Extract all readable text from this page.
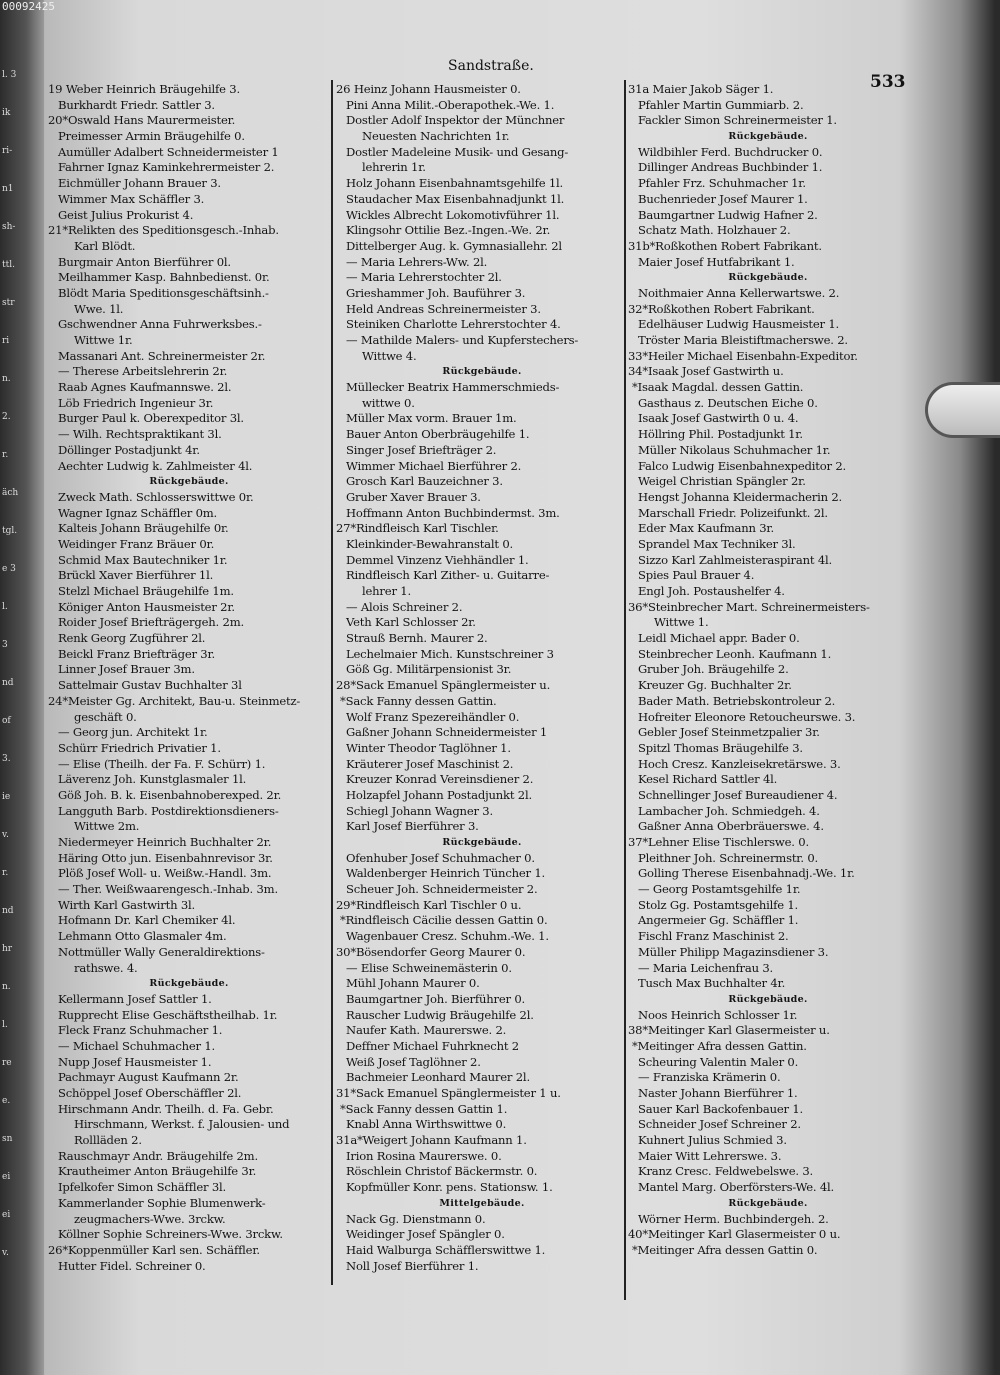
l. 3
ik
ri-
n1
sh-
ttl.
str
ri
n.
2.
r.
äch
tgl.
e 3
l.
3
nd
of
3.
ie
v.
r.
nd
hr
n.
l.
re
e.
sn
ei
ei
v.
00092425
Sandstraße.
533
19 Weber Heinrich Bräugehilfe 3.
Burkhardt Friedr. Sattler 3.
20*Oswald Hans Maurermeister.
Preimesser Armin Bräugehilfe 0.
Aumüller Adalbert Schneidermeister 1
Fahrner Ignaz Kaminkehrermeister 2.
Eichmüller Johann Brauer 3.
Wimmer Max Schäffler 3.
Geist Julius Prokurist 4.
21*Relikten des Speditionsgesch.-Inhab.
Karl Blödt.
Burgmair Anton Bierführer 0l.
Meilhammer Kasp. Bahnbedienst. 0r.
Blödt Maria Speditionsgeschäftsinh.-
Wwe. 1l.
Gschwendner Anna Fuhrwerksbes.-
Wittwe 1r.
Massanari Ant. Schreinermeister 2r.
— Therese Arbeitslehrerin 2r.
Raab Agnes Kaufmannswe. 2l.
Löb Friedrich Ingenieur 3r.
Burger Paul k. Oberexpeditor 3l.
— Wilh. Rechtspraktikant 3l.
Döllinger Postadjunkt 4r.
Aechter Ludwig k. Zahlmeister 4l.
Rückgebäude.
Zweck Math. Schlosserswittwe 0r.
Wagner Ignaz Schäffler 0m.
Kalteis Johann Bräugehilfe 0r.
Weidinger Franz Bräuer 0r.
Schmid Max Bautechniker 1r.
Brückl Xaver Bierführer 1l.
Stelzl Michael Bräugehilfe 1m.
Königer Anton Hausmeister 2r.
Roider Josef Briefträgergeh. 2m.
Renk Georg Zugführer 2l.
Beickl Franz Briefträger 3r.
Linner Josef Brauer 3m.
Sattelmair Gustav Buchhalter 3l
24*Meister Gg. Architekt, Bau-u. Steinmetz-
geschäft 0.
— Georg jun. Architekt 1r.
Schürr Friedrich Privatier 1.
— Elise (Theilh. der Fa. F. Schürr) 1.
Läverenz Joh. Kunstglasmaler 1l.
Göß Joh. B. k. Eisenbahnoberexped. 2r.
Langguth Barb. Postdirektionsdieners-
Wittwe 2m.
Niedermeyer Heinrich Buchhalter 2r.
Häring Otto jun. Eisenbahnrevisor 3r.
Plöß Josef Woll- u. Weißw.-Handl. 3m.
— Ther. Weißwaarengesch.-Inhab. 3m.
Wirth Karl Gastwirth 3l.
Hofmann Dr. Karl Chemiker 4l.
Lehmann Otto Glasmaler 4m.
Nottmüller Wally Generaldirektions-
rathswe. 4.
Rückgebäude.
Kellermann Josef Sattler 1.
Rupprecht Elise Geschäftstheilhab. 1r.
Fleck Franz Schuhmacher 1.
— Michael Schuhmacher 1.
Nupp Josef Hausmeister 1.
Pachmayr August Kaufmann 2r.
Schöppel Josef Oberschäffler 2l.
Hirschmann Andr. Theilh. d. Fa. Gebr.
Hirschmann, Werkst. f. Jalousien- und
Rollläden 2.
Rauschmayr Andr. Bräugehilfe 2m.
Krautheimer Anton Bräugehilfe 3r.
Ipfelkofer Simon Schäffler 3l.
Kammerlander Sophie Blumenwerk-
zeugmachers-Wwe. 3rckw.
Köllner Sophie Schreiners-Wwe. 3rckw.
26*Koppenmüller Karl sen. Schäffler.
Hutter Fidel. Schreiner 0.
26 Heinz Johann Hausmeister 0.
Pini Anna Milit.-Oberapothek.-We. 1.
Dostler Adolf Inspektor der Münchner
Neuesten Nachrichten 1r.
Dostler Madeleine Musik- und Gesang-
lehrerin 1r.
Holz Johann Eisenbahnamtsgehilfe 1l.
Staudacher Max Eisenbahnadjunkt 1l.
Wickles Albrecht Lokomotivführer 1l.
Klingsohr Ottilie Bez.-Ingen.-We. 2r.
Dittelberger Aug. k. Gymnasiallehr. 2l
— Maria Lehrers-Ww. 2l.
— Maria Lehrerstochter 2l.
Grieshammer Joh. Bauführer 3.
Held Andreas Schreinermeister 3.
Steiniken Charlotte Lehrerstochter 4.
— Mathilde Malers- und Kupferstechers-
Wittwe 4.
Rückgebäude.
Müllecker Beatrix Hammerschmieds-
wittwe 0.
Müller Max vorm. Brauer 1m.
Bauer Anton Oberbräugehilfe 1.
Singer Josef Briefträger 2.
Wimmer Michael Bierführer 2.
Grosch Karl Bauzeichner 3.
Gruber Xaver Brauer 3.
Hoffmann Anton Buchbindermst. 3m.
27*Rindfleisch Karl Tischler.
Kleinkinder-Bewahranstalt 0.
Demmel Vinzenz Viehhändler 1.
Rindfleisch Karl Zither- u. Guitarre-
lehrer 1.
— Alois Schreiner 2.
Veth Karl Schlosser 2r.
Strauß Bernh. Maurer 2.
Lechelmaier Mich. Kunstschreiner 3
Göß Gg. Militärpensionist 3r.
28*Sack Emanuel Spänglermeister u.
*Sack Fanny dessen Gattin.
Wolf Franz Spezereihändler 0.
Gaßner Johann Schneidermeister 1
Winter Theodor Taglöhner 1.
Kräuterer Josef Maschinist 2.
Kreuzer Konrad Vereinsdiener 2.
Holzapfel Johann Postadjunkt 2l.
Schiegl Johann Wagner 3.
Karl Josef Bierführer 3.
Rückgebäude.
Ofenhuber Josef Schuhmacher 0.
Waldenberger Heinrich Tüncher 1.
Scheuer Joh. Schneidermeister 2.
29*Rindfleisch Karl Tischler 0 u.
*Rindfleisch Cäcilie dessen Gattin 0.
Wagenbauer Cresz. Schuhm.-We. 1.
30*Bösendorfer Georg Maurer 0.
— Elise Schweinemästerin 0.
Mühl Johann Maurer 0.
Baumgartner Joh. Bierführer 0.
Rauscher Ludwig Bräugehilfe 2l.
Naufer Kath. Maurerswe. 2.
Deffner Michael Fuhrknecht 2
Weiß Josef Taglöhner 2.
Bachmeier Leonhard Maurer 2l.
31*Sack Emanuel Spänglermeister 1 u.
*Sack Fanny dessen Gattin 1.
Knabl Anna Wirthswittwe 0.
31a*Weigert Johann Kaufmann 1.
Irion Rosina Maurerswe. 0.
Röschlein Christof Bäckermstr. 0.
Kopfmüller Konr. pens. Stationsw. 1.
Mittelgebäude.
Nack Gg. Dienstmann 0.
Weidinger Josef Spängler 0.
Haid Walburga Schäfflerswittwe 1.
Noll Josef Bierführer 1.
31a Maier Jakob Säger 1.
Pfahler Martin Gummiarb. 2.
Fackler Simon Schreinermeister 1.
Rückgebäude.
Wildbihler Ferd. Buchdrucker 0.
Dillinger Andreas Buchbinder 1.
Pfahler Frz. Schuhmacher 1r.
Buchenrieder Josef Maurer 1.
Baumgartner Ludwig Hafner 2.
Schatz Math. Holzhauer 2.
31b*Roßkothen Robert Fabrikant.
Maier Josef Hutfabrikant 1.
Rückgebäude.
Noithmaier Anna Kellerwartswe. 2.
32*Roßkothen Robert Fabrikant.
Edelhäuser Ludwig Hausmeister 1.
Tröster Maria Bleistiftmacherswe. 2.
33*Heiler Michael Eisenbahn-Expeditor.
34*Isaak Josef Gastwirth u.
*Isaak Magdal. dessen Gattin.
Gasthaus z. Deutschen Eiche 0.
Isaak Josef Gastwirth 0 u. 4.
Höllring Phil. Postadjunkt 1r.
Müller Nikolaus Schuhmacher 1r.
Falco Ludwig Eisenbahnexpeditor 2.
Weigel Christian Spängler 2r.
Hengst Johanna Kleidermacherin 2.
Marschall Friedr. Polizeifunkt. 2l.
Eder Max Kaufmann 3r.
Sprandel Max Techniker 3l.
Sizzo Karl Zahlmeisteraspirant 4l.
Spies Paul Brauer 4.
Engl Joh. Postaushelfer 4.
36*Steinbrecher Mart. Schreinermeisters-
Wittwe 1.
Leidl Michael appr. Bader 0.
Steinbrecher Leonh. Kaufmann 1.
Gruber Joh. Bräugehilfe 2.
Kreuzer Gg. Buchhalter 2r.
Bader Math. Betriebskontroleur 2.
Hofreiter Eleonore Retoucheurswe. 3.
Gebler Josef Steinmetzpalier 3r.
Spitzl Thomas Bräugehilfe 3.
Hoch Cresz. Kanzleisekretärswe. 3.
Kesel Richard Sattler 4l.
Schnellinger Josef Bureaudiener 4.
Lambacher Joh. Schmiedgeh. 4.
Gaßner Anna Oberbräuerswe. 4.
37*Lehner Elise Tischlerswe. 0.
Pleithner Joh. Schreinermstr. 0.
Golling Therese Eisenbahnadj.-We. 1r.
— Georg Postamtsgehilfe 1r.
Stolz Gg. Postamtsgehilfe 1.
Angermeier Gg. Schäffler 1.
Fischl Franz Maschinist 2.
Müller Philipp Magazinsdiener 3.
— Maria Leichenfrau 3.
Tusch Max Buchhalter 4r.
Rückgebäude.
Noos Heinrich Schlosser 1r.
38*Meitinger Karl Glasermeister u.
*Meitinger Afra dessen Gattin.
Scheuring Valentin Maler 0.
— Franziska Krämerin 0.
Naster Johann Bierführer 1.
Sauer Karl Backofenbauer 1.
Schneider Josef Schreiner 2.
Kuhnert Julius Schmied 3.
Maier Witt Lehrerswe. 3.
Kranz Cresc. Feldwebelswe. 3.
Mantel Marg. Oberförsters-We. 4l.
Rückgebäude.
Wörner Herm. Buchbindergeh. 2.
40*Meitinger Karl Glasermeister 0 u.
*Meitinger Afra dessen Gattin 0.
